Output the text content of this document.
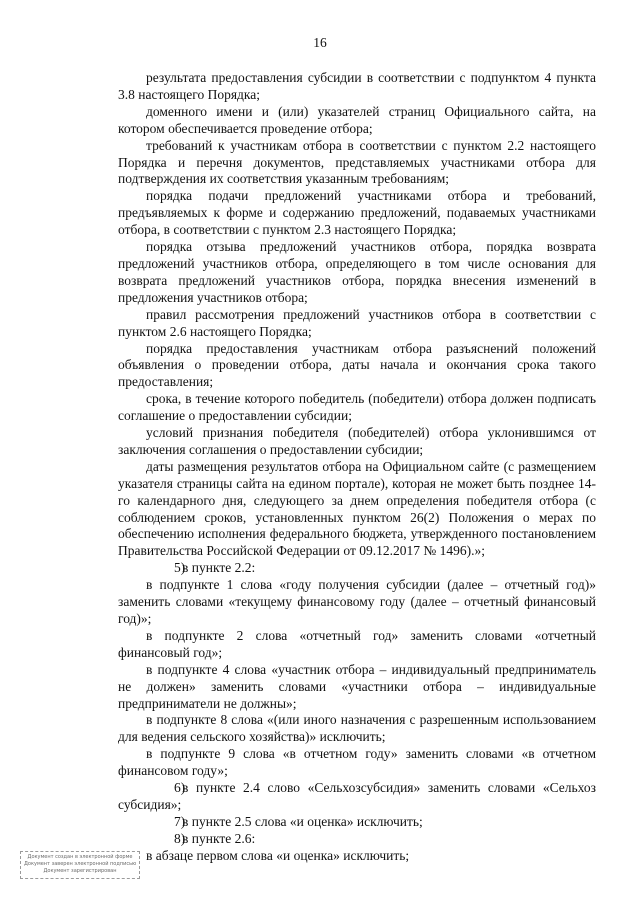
16

результата предоставления субсидии в соответствии с подпунктом 4 пункта 3.8 настоящего Порядка;

доменного имени и (или) указателей страниц Официального сайта, на котором обеспечивается проведение отбора;

требований к участникам отбора в соответствии с пунктом 2.2 настоящего Порядка и перечня документов, представляемых участниками отбора для подтверждения их соответствия указанным требованиям;

порядка подачи предложений участниками отбора и требований, предъявляемых к форме и содержанию предложений, подаваемых участниками отбора, в соответствии с пунктом 2.3 настоящего Порядка;

порядка отзыва предложений участников отбора, порядка возврата предложений участников отбора, определяющего в том числе основания для возврата предложений участников отбора, порядка внесения изменений в предложения участников отбора;

правил рассмотрения предложений участников отбора в соответствии с пунктом 2.6 настоящего Порядка;

порядка предоставления участникам отбора разъяснений положений объявления о проведении отбора, даты начала и окончания срока такого предоставления;

срока, в течение которого победитель (победители) отбора должен подписать соглашение о предоставлении субсидии;

условий признания победителя (победителей) отбора уклонившимся от заключения соглашения о предоставлении субсидии;

даты размещения результатов отбора на Официальном сайте (с размещением указателя страницы сайта на едином портале), которая не может быть позднее 14-го календарного дня, следующего за днем определения победителя отбора (с соблюдением сроков, установленных пунктом 26(2) Положения о мерах по обеспечению исполнения федерального бюджета, утвержденного постановлением Правительства Российской Федерации от 09.12.2017 № 1496).»;

5)в пункте 2.2:

в подпункте 1 слова «году получения субсидии (далее – отчетный год)» заменить словами «текущему финансовому году (далее – отчетный финансовый год)»;

в подпункте 2 слова «отчетный год» заменить словами «отчетный финансовый год»;

в подпункте 4 слова «участник отбора – индивидуальный предприниматель не должен» заменить словами «участники отбора – индивидуальные предприниматели не должны»;

в подпункте 8 слова «(или иного назначения с разрешенным использованием для ведения сельского хозяйства)» исключить;

в подпункте 9 слова «в отчетном году» заменить словами «в отчетном финансовом году»;

6)в пункте 2.4 слово «Сельхозсубсидия» заменить словами «Сельхоз субсидия»;

7)в пункте 2.5 слова «и оценка» исключить;

8)в пункте 2.6:

в абзаце первом слова «и оценка» исключить;

Документ создан в электронной форме
Документ заверен электронной подписью
Документ зарегистрирован
